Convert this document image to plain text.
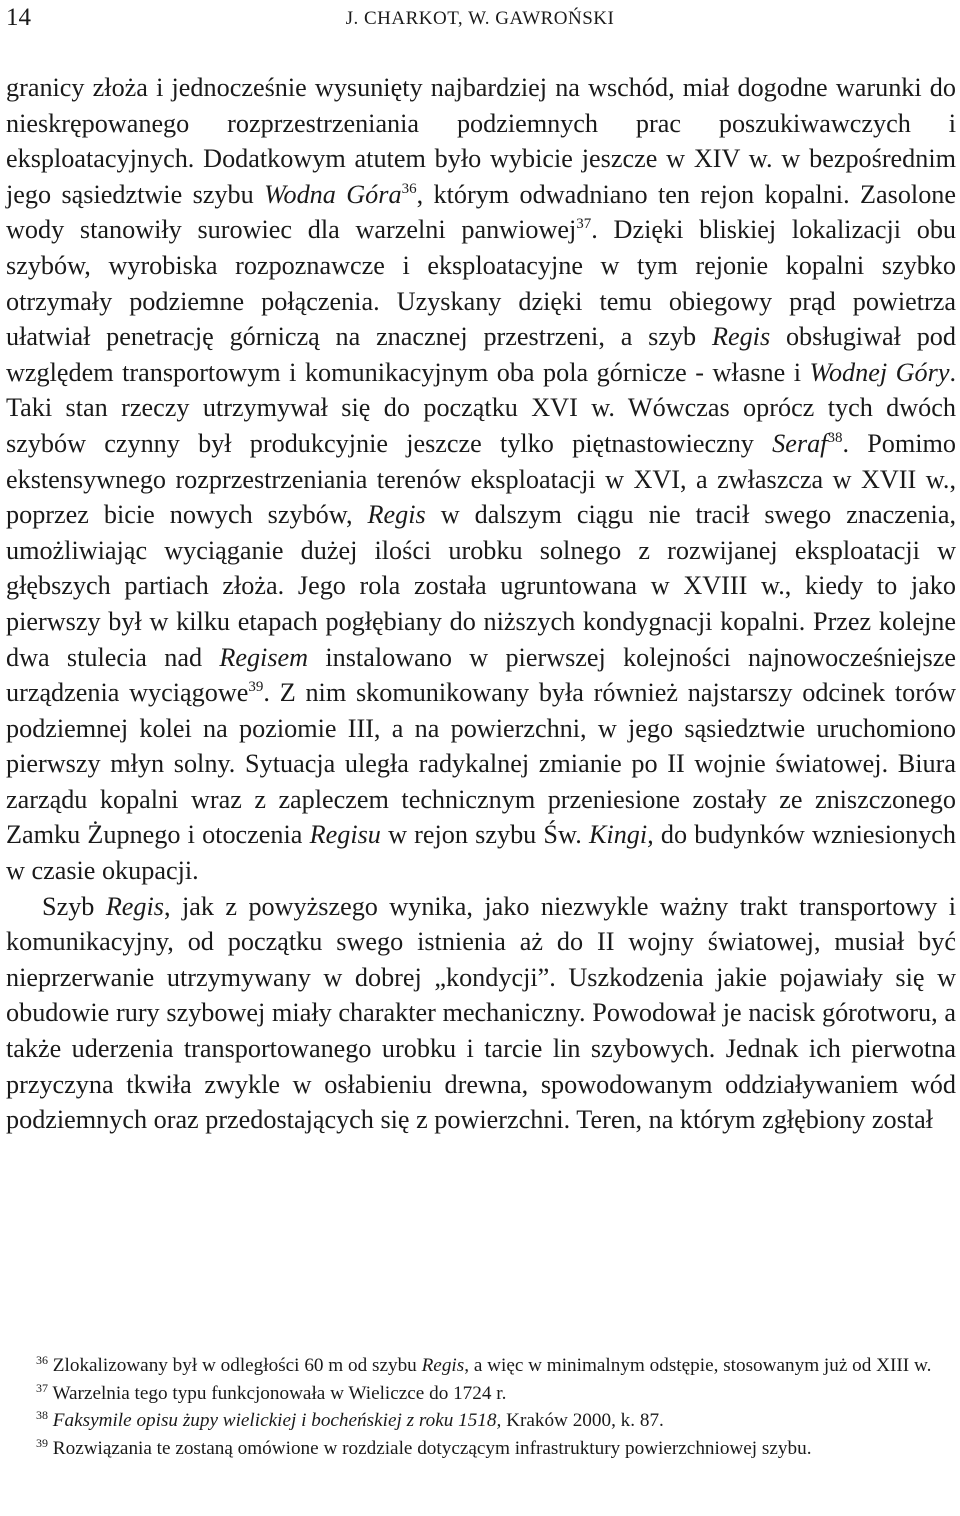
14	J. CHARKOT, W. GAWROŃSKI

granicy złoża i jednocześnie wysunięty najbardziej na wschód, miał dogodne warunki do nieskrępowanego rozprzestrzeniania podziemnych prac poszukiwawczych i eksploatacyjnych. Dodatkowym atutem było wybicie jeszcze w XIV w. w bezpośrednim jego sąsiedztwie szybu Wodna Góra$^{36}$, którym odwadniano ten rejon kopalni. Zasolone wody stanowiły surowiec dla warzelni panwiowej$^{37}$. Dzięki bliskiej lokalizacji obu szybów, wyrobiska rozpoznawcze i eksploatacyjne w tym rejonie kopalni szybko otrzymały podziemne połączenia. Uzyskany dzięki temu obiegowy prąd powietrza ułatwiał penetrację górniczą na znacznej przestrzeni, a szyb Regis obsługiwał pod względem transportowym i komunikacyjnym oba pola górnicze - własne i Wodnej Góry. Taki stan rzeczy utrzymywał się do początku XVI w. Wówczas oprócz tych dwóch szybów czynny był produkcyjnie jeszcze tylko piętnastowieczny Seraf$^{38}$. Pomimo ekstensywnego rozprzestrzeniania terenów eksploatacji w XVI, a zwłaszcza w XVII w., poprzez bicie nowych szybów, Regis w dalszym ciągu nie tracił swego znaczenia, umożliwiając wyciąganie dużej ilości urobku solnego z rozwijanej eksploatacji w głębszych partiach złoża. Jego rola została ugruntowana w XVIII w., kiedy to jako pierwszy był w kilku etapach pogłębiany do niższych kondygnacji kopalni. Przez kolejne dwa stulecia nad Regisem instalowano w pierwszej kolejności najnowocześniejsze urządzenia wyciągowe$^{39}$. Z nim skomunikowany była również najstarszy odcinek torów podziemnej kolei na poziomie III, a na powierzchni, w jego sąsiedztwie uruchomiono pierwszy młyn solny. Sytuacja uległa radykalnej zmianie po II wojnie światowej. Biura zarządu kopalni wraz z zapleczem technicznym przeniesione zostały ze zniszczonego Zamku Żupnego i otoczenia Regisu w rejon szybu Św. Kingi, do budynków wzniesionych w czasie okupacji.

Szyb Regis, jak z powyższego wynika, jako niezwykle ważny trakt transportowy i komunikacyjny, od początku swego istnienia aż do II wojny światowej, musiał być nieprzerwanie utrzymywany w dobrej „kondycji”. Uszkodzenia jakie pojawiały się w obudowie rury szybowej miały charakter mechaniczny. Powodował je nacisk górotworu, a także uderzenia transportowanego urobku i tarcie lin szybowych. Jednak ich pierwotna przyczyna tkwiła zwykle w osłabieniu drewna, spowodowanym oddziaływaniem wód podziemnych oraz przedostających się z powierzchni. Teren, na którym zgłębiony został

$^{36}$ Zlokalizowany był w odległości 60 m od szybu Regis, a więc w minimalnym odstępie, stosowanym już od XIII w.

$^{37}$ Warzelnia tego typu funkcjonowała w Wieliczce do 1724 r.

$^{38}$ Faksymile opisu żupy wielickiej i bocheńskiej z roku 1518, Kraków 2000, k. 87.

$^{39}$ Rozwiązania te zostaną omówione w rozdziale dotyczącym infrastruktury powierzchniowej szybu.
